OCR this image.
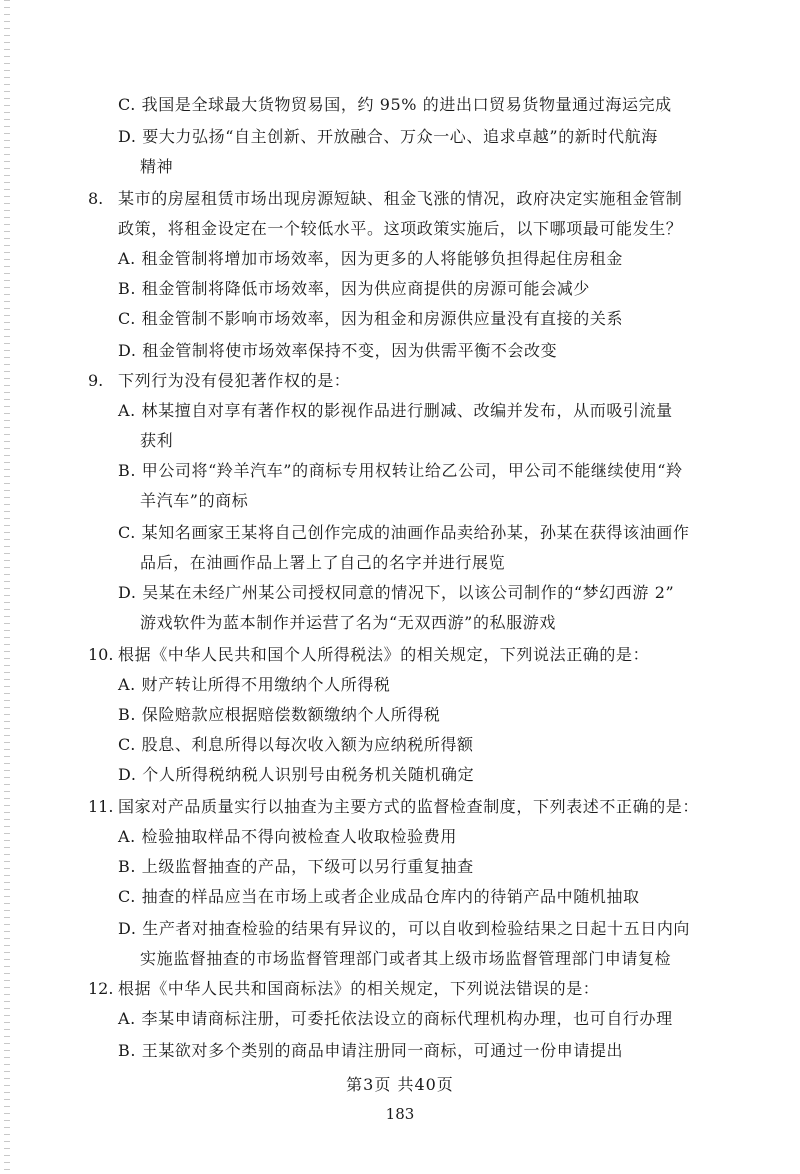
C. 我国是全球最大货物贸易国，约 95% 的进出口贸易货物量通过海运完成
D. 要大力弘扬“自主创新、开放融合、万众一心、追求卓越”的新时代航海
精神
8. 某市的房屋租赁市场出现房源短缺、租金飞涨的情况，政府决定实施租金管制
政策，将租金设定在一个较低水平。这项政策实施后，以下哪项最可能发生？
A. 租金管制将增加市场效率，因为更多的人将能够负担得起住房租金
B. 租金管制将降低市场效率，因为供应商提供的房源可能会减少
C. 租金管制不影响市场效率，因为租金和房源供应量没有直接的关系
D. 租金管制将使市场效率保持不变，因为供需平衡不会改变
9. 下列行为没有侵犯著作权的是：
A. 林某擅自对享有著作权的影视作品进行删减、改编并发布，从而吸引流量
获利
B. 甲公司将“羚羊汽车”的商标专用权转让给乙公司，甲公司不能继续使用“羚
羊汽车”的商标
C. 某知名画家王某将自己创作完成的油画作品卖给孙某，孙某在获得该油画作
品后，在油画作品上署上了自己的名字并进行展览
D. 吴某在未经广州某公司授权同意的情况下，以该公司制作的“梦幻西游 2”
游戏软件为蓝本制作并运营了名为“无双西游”的私服游戏
10. 根据《中华人民共和国个人所得税法》的相关规定，下列说法正确的是：
A. 财产转让所得不用缴纳个人所得税
B. 保险赔款应根据赔偿数额缴纳个人所得税
C. 股息、利息所得以每次收入额为应纳税所得额
D. 个人所得税纳税人识别号由税务机关随机确定
11. 国家对产品质量实行以抽查为主要方式的监督检查制度，下列表述不正确的是：
A. 检验抽取样品不得向被检查人收取检验费用
B. 上级监督抽查的产品，下级可以另行重复抽查
C. 抽查的样品应当在市场上或者企业成品仓库内的待销产品中随机抽取
D. 生产者对抽查检验的结果有异议的，可以自收到检验结果之日起十五日内向
实施监督抽查的市场监督管理部门或者其上级市场监督管理部门申请复检
12. 根据《中华人民共和国商标法》的相关规定，下列说法错误的是：
A. 李某申请商标注册，可委托依法设立的商标代理机构办理，也可自行办理
B. 王某欲对多个类别的商品申请注册同一商标，可通过一份申请提出
第3页 共40页
183
